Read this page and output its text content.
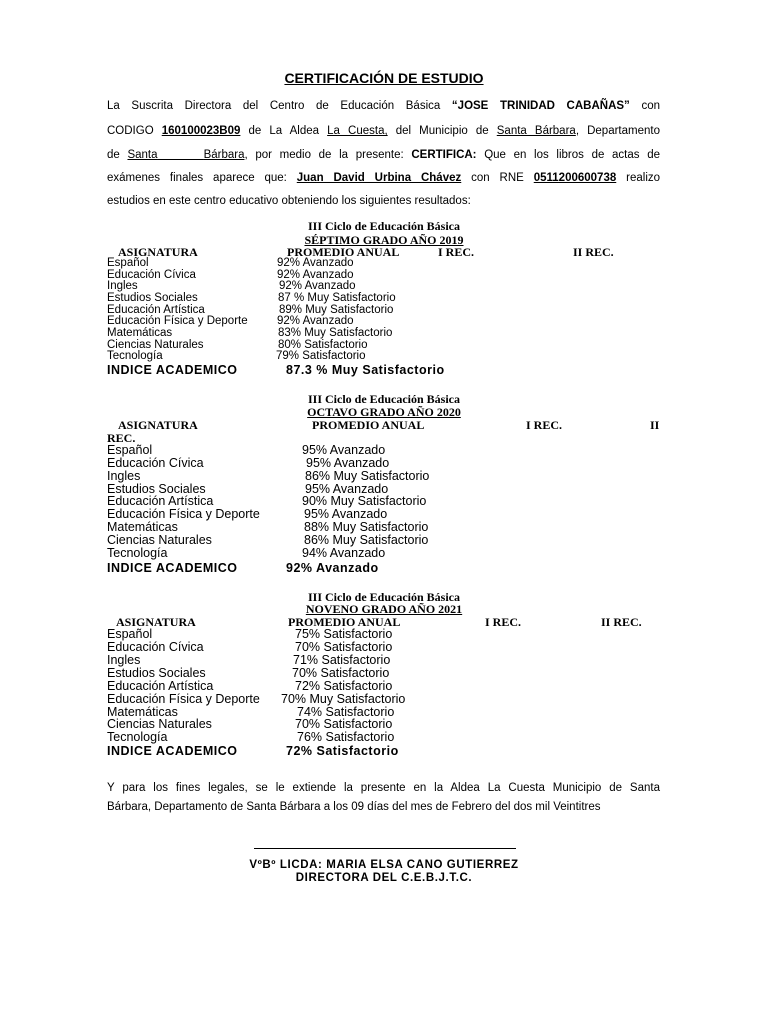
CERTIFICACIÓN DE ESTUDIO
La Suscrita Directora del Centro de Educación Básica “JOSE TRINIDAD CABAÑAS” con
CODIGO 160100023B09 de La Aldea La Cuesta, del Municipio de Santa Bárbara, Departamento
de Santa	Bárbara, por medio de la presente: CERTIFICA: Que en los libros de actas de
exámenes finales aparece que: Juan David Urbina Chávez con RNE 0511200600738 realizo
estudios en este centro educativo obteniendo los siguientes resultados:
III Ciclo de Educación Básica
SÉPTIMO GRADO AÑO 2019
ASIGNATURA	PROMEDIO ANUAL	I REC.	II REC.
Español	92% Avanzado
Educación Cívica	92% Avanzado
Ingles	92% Avanzado
Estudios Sociales	87 % Muy Satisfactorio
Educación Artística	89% Muy Satisfactorio
Educación Física y Deporte	92% Avanzado
Matemáticas	83% Muy Satisfactorio
Ciencias Naturales	80% Satisfactorio
Tecnología	79% Satisfactorio
INDICE ACADEMICO	87.3 % Muy Satisfactorio
III Ciclo de Educación Básica
OCTAVO GRADO AÑO 2020
ASIGNATURA	PROMEDIO ANUAL	I REC.	II
REC.
Español	95% Avanzado
Educación Cívica	95% Avanzado
Ingles	86% Muy Satisfactorio
Estudios Sociales	95% Avanzado
Educación Artística	90% Muy Satisfactorio
Educación Física y Deporte	95% Avanzado
Matemáticas	88% Muy Satisfactorio
Ciencias Naturales	86% Muy Satisfactorio
Tecnología	94% Avanzado
INDICE ACADEMICO	92% Avanzado
III Ciclo de Educación Básica
NOVENO GRADO AÑO 2021
ASIGNATURA	PROMEDIO ANUAL	I REC.	II REC.
Español	75% Satisfactorio
Educación Cívica	70% Satisfactorio
Ingles	71% Satisfactorio
Estudios Sociales	70% Satisfactorio
Educación Artística	72% Satisfactorio
Educación Física y Deporte 70% Muy Satisfactorio
Matemáticas	74% Satisfactorio
Ciencias Naturales	70% Satisfactorio
Tecnología	76% Satisfactorio
INDICE ACADEMICO	72% Satisfactorio
Y para los fines legales, se le extiende la presente en la Aldea La Cuesta Municipio de Santa
Bárbara, Departamento de Santa Bárbara a los 09 días del mes de Febrero del dos mil Veintitres
VºBº LICDA: MARIA ELSA CANO GUTIERREZ
DIRECTORA DEL C.E.B.J.T.C.
